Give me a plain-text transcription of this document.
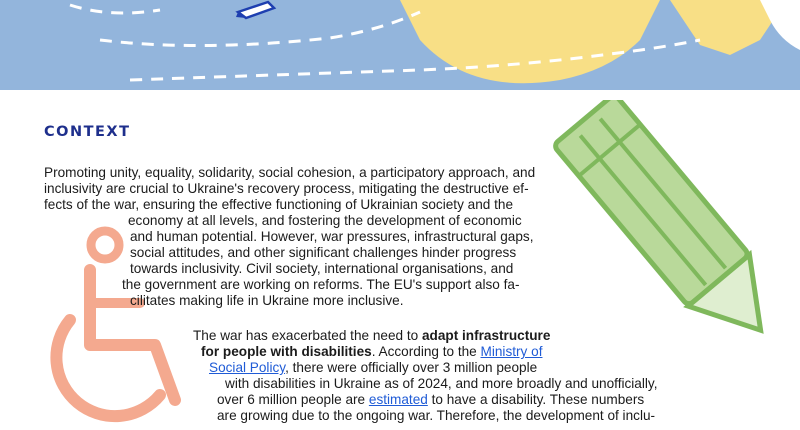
CONTEXT
Promoting unity, equality, solidarity, social cohesion, a participatory approach, and
inclusivity are crucial to Ukraine's recovery process, mitigating the destructive ef-
fects of the war, ensuring the effective functioning of Ukrainian society and the
economy at all levels, and fostering the development of economic
and human potential. However, war pressures, infrastructural gaps,
social attitudes, and other significant challenges hinder progress
towards inclusivity. Civil society, international organisations, and
the government are working on reforms. The EU's support also fa-
cilitates making life in Ukraine more inclusive.
The war has exacerbated the need to adapt infrastructure
for people with disabilities. According to the Ministry of
Social Policy, there were officially over 3 million people
with disabilities in Ukraine as of 2024, and more broadly and unofficially,
over 6 million people are estimated to have a disability. These numbers
are growing due to the ongoing war. Therefore, the development of inclu-
